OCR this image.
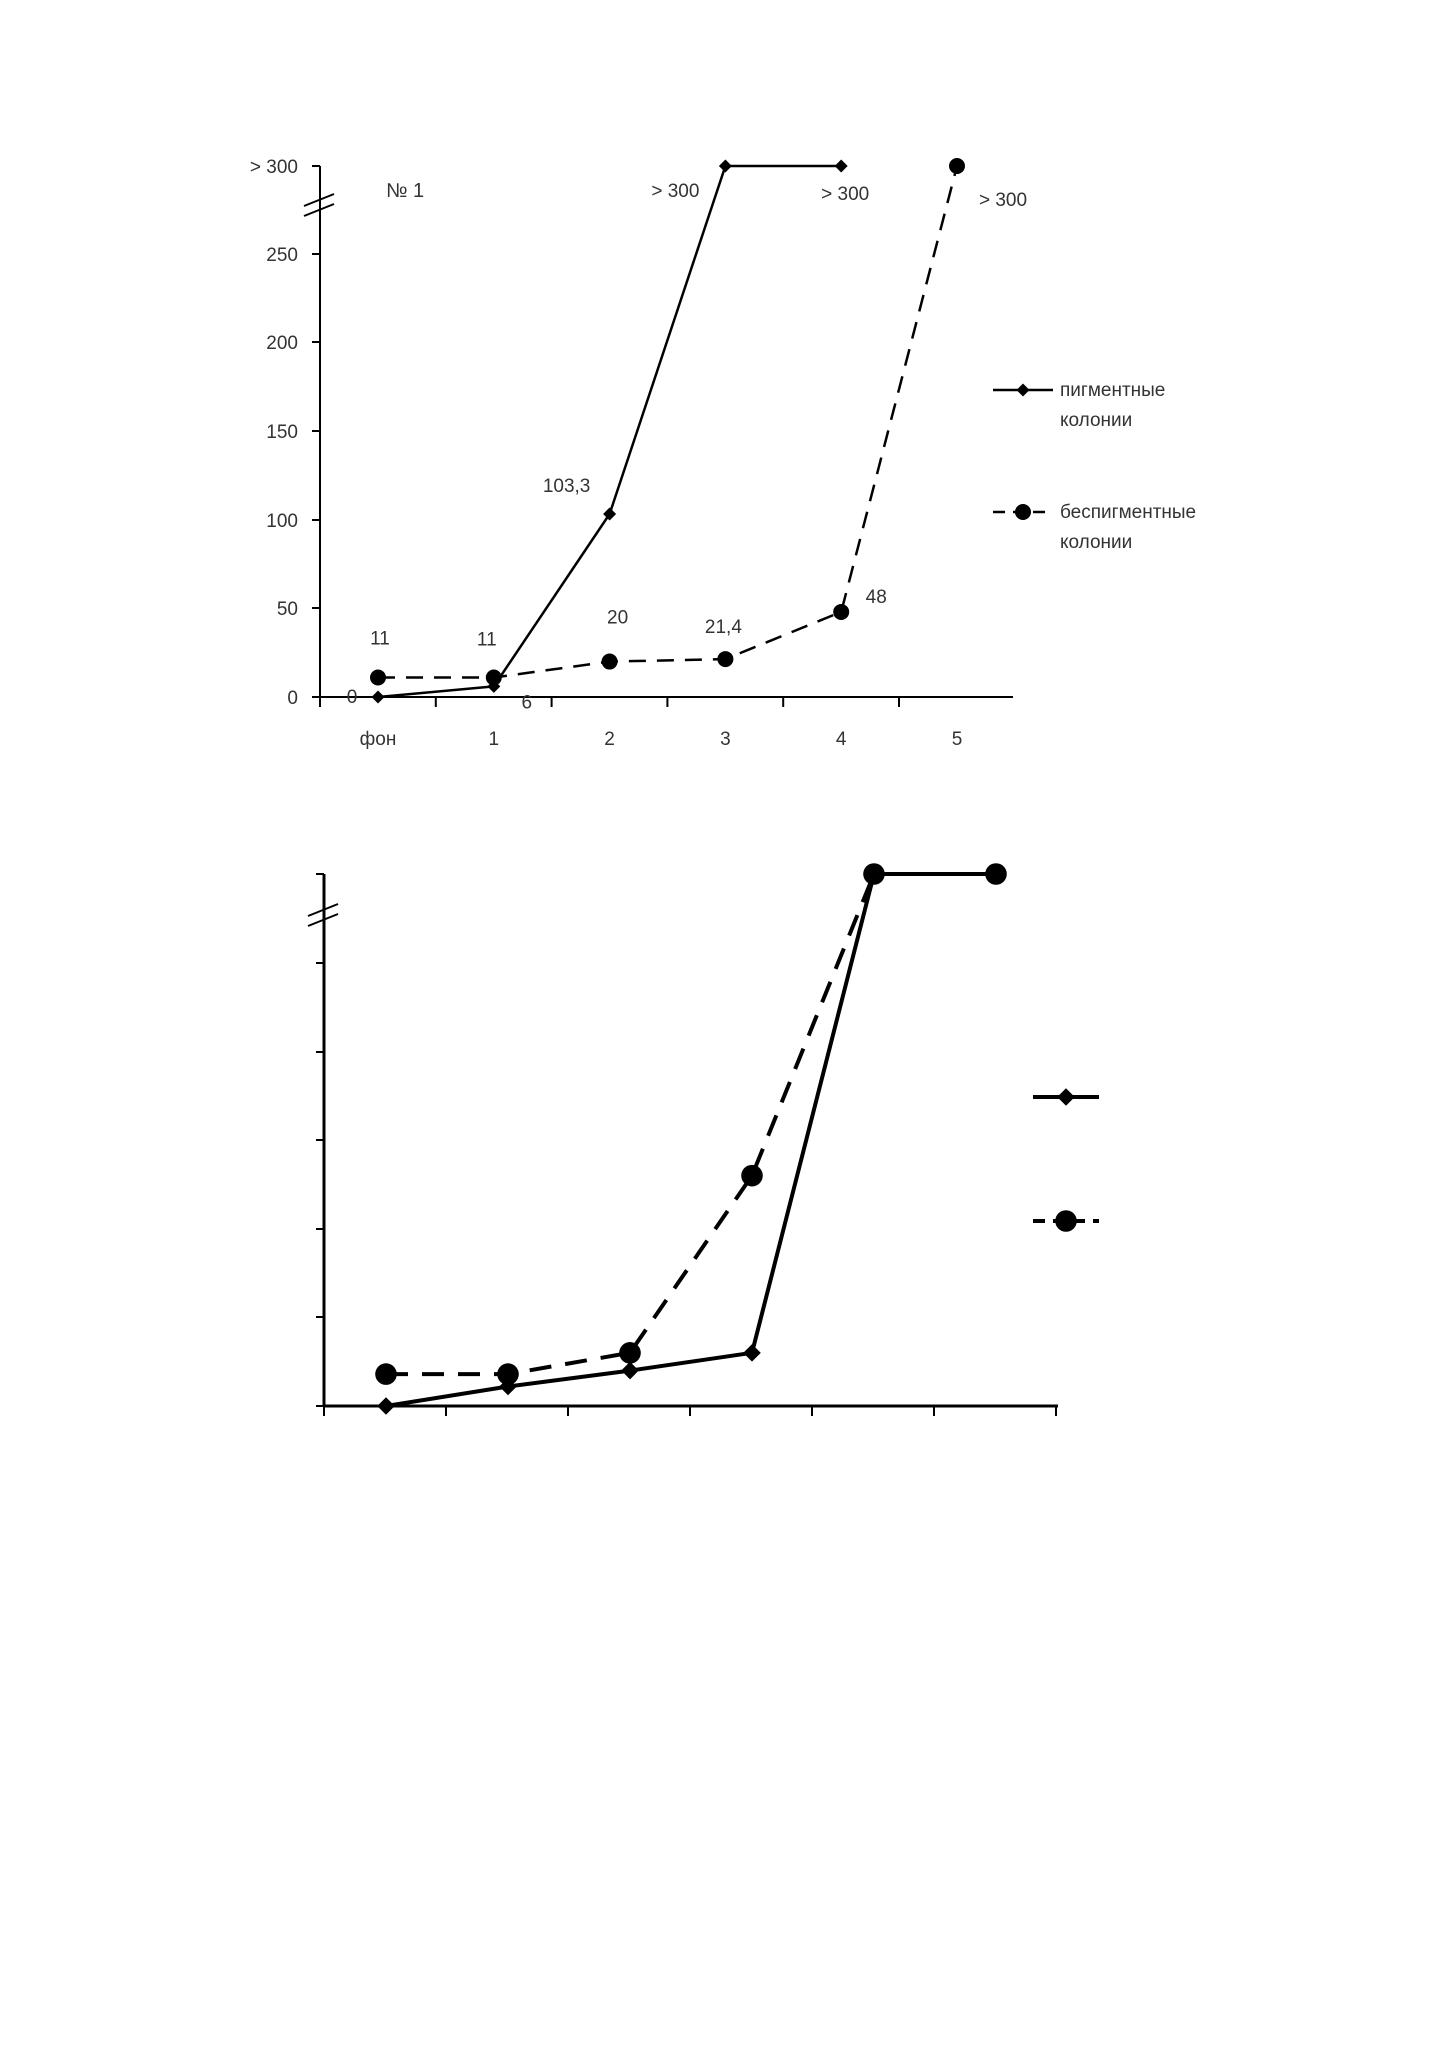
0
50
100
150
200
250
> 300
фон	1	2	3	4	5
№ 1
0	6
103,3
> 300	> 300
пигментные
колонии
11	11
20	21,4
48
> 300
беспигментные
колонии
